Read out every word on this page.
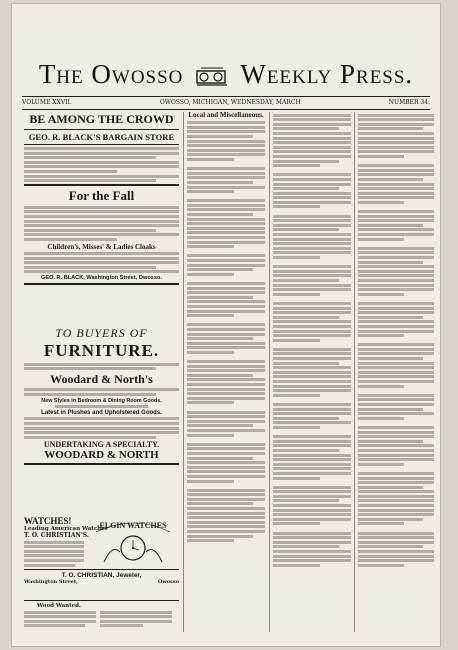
The Owosso Weekly Press.
VOLUME XXVII.	OWOSSO, MICHIGAN, WEDNESDAY, MARCH	NUMBER 34.
BE AMONG THE CROWD
GEO. R. BLACK'S BARGAIN STORE
For the Fall
Children's, Misses' & Ladies Cloaks
GEO. R. BLACK, Washington Street, Owosso.
TO BUYERS OF
FURNITURE.
Woodard & North's
New Styles in Bedroom & Dining Room Goods.
Latest in Plushes and Upholstered Goods.
UNDERTAKING A SPECIALTY.
WOODARD & NORTH
WATCHES!
Leading American Watches
T. O. CHRISTIAN'S.
ELGIN WATCHES
T. O. CHRISTIAN, Jeweler,
Washington Street,	Owosso
Wood Wanted.
Local and Miscellaneous.
